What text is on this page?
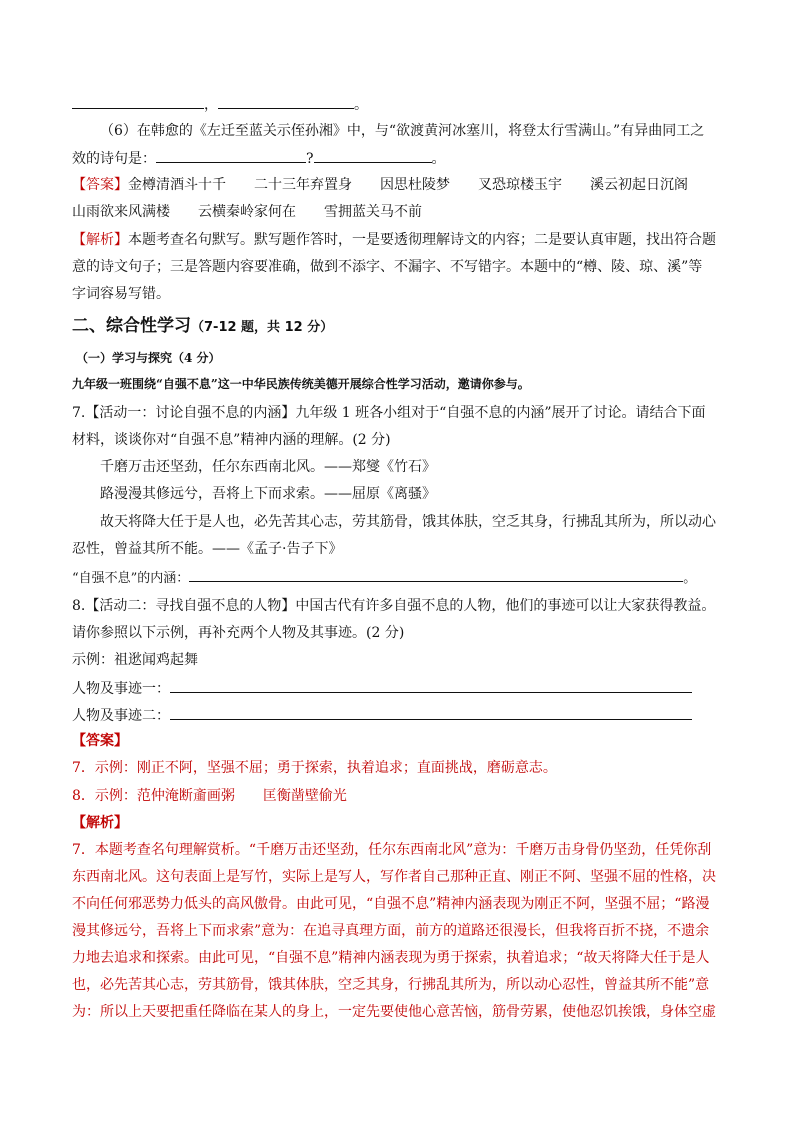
，	。
（6）在韩愈的《左迁至蓝关示侄孙湘》中，与“欲渡黄河冰塞川，将登太行雪满山。”有异曲同工之
效的诗句是：	?	。
【答案】金樽清酒斗十千　　二十三年弃置身　　因思杜陵梦　　叉恐琼楼玉宇　　溪云初起日沉阁
山雨欲来风满楼　　云横秦岭家何在　　雪拥蓝关马不前
【解析】本题考查名句默写。默写题作答时，一是要透彻理解诗文的内容；二是要认真审题，找出符合题
意的诗文句子；三是答题内容要准确，做到不添字、不漏字、不写错字。本题中的“樽、陵、琼、溪”等
字词容易写错。
二、综合性学习（7-12 题，共 12 分）
（一）学习与探究（4 分）
九年级一班围绕“自强不息”这一中华民族传统美德开展综合性学习活动，邀请你参与。
7.【活动一：讨论自强不息的内涵】九年级 1 班各小组对于“自强不息的内涵”展开了讨论。请结合下面
材料，谈谈你对“自强不息”精神内涵的理解。(2 分)
千磨万击还坚劲，任尔东西南北风。——郑燮《竹石》
路漫漫其修远兮，吾将上下而求索。——屈原《离骚》
故天将降大任于是人也，必先苦其心志，劳其筋骨，饿其体肤，空乏其身，行拂乱其所为，所以动心
忍性，曾益其所不能。——《孟子·告子下》
“自强不息”的内涵：	。
8.【活动二：寻找自强不息的人物】中国古代有许多自强不息的人物，他们的事迹可以让大家获得教益。
请你参照以下示例，再补充两个人物及其事迹。(2 分)
示例：祖逖闻鸡起舞
人物及事迹一：
人物及事迹二：
【答案】
7．示例：刚正不阿，坚强不屈；勇于探索，执着追求；直面挑战，磨砺意志。
8．示例：范仲淹断齑画粥　　匡衡凿壁偷光
【解析】
7．本题考查名句理解赏析。“千磨万击还坚劲，任尔东西南北风”意为：千磨万击身骨仍坚劲，任凭你刮
东西南北风。这句表面上是写竹，实际上是写人，写作者自己那种正直、刚正不阿、坚强不屈的性格，决
不向任何邪恶势力低头的高风傲骨。由此可见，“自强不息”精神内涵表现为刚正不阿，坚强不屈；“路漫
漫其修远兮，吾将上下而求索”意为：在追寻真理方面，前方的道路还很漫长，但我将百折不挠，不遗余
力地去追求和探索。由此可见，“自强不息”精神内涵表现为勇于探索，执着追求；“故天将降大任于是人
也，必先苦其心志，劳其筋骨，饿其体肤，空乏其身，行拂乱其所为，所以动心忍性，曾益其所不能”意
为：所以上天要把重任降临在某人的身上，一定先要使他心意苦恼，筋骨劳累，使他忍饥挨饿，身体空虚
